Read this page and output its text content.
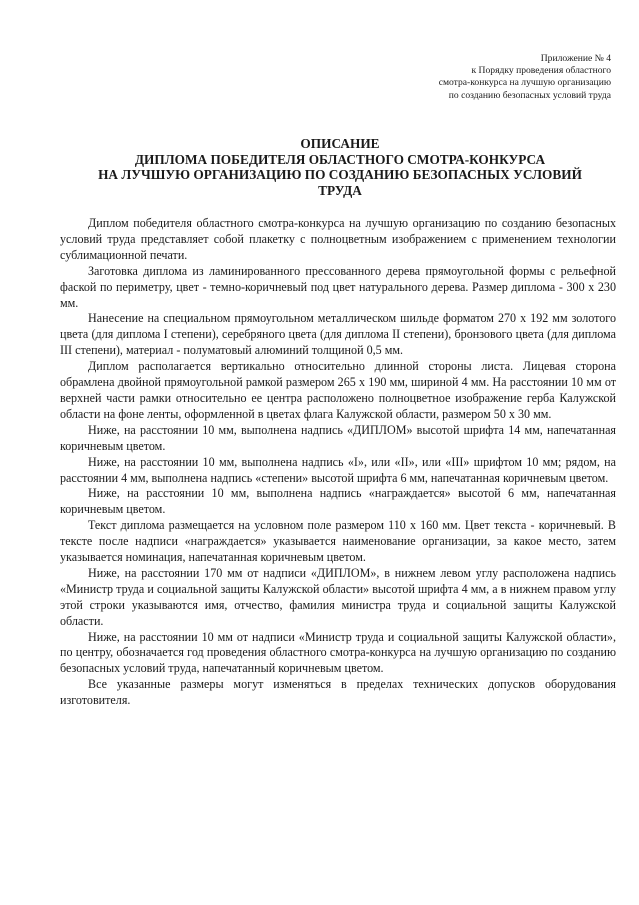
Приложение № 4
к Порядку проведения областного
смотра-конкурса на лучшую организацию
по созданию безопасных условий труда
ОПИСАНИЕ
ДИПЛОМА ПОБЕДИТЕЛЯ ОБЛАСТНОГО СМОТРА-КОНКУРСА
НА ЛУЧШУЮ ОРГАНИЗАЦИЮ ПО СОЗДАНИЮ БЕЗОПАСНЫХ УСЛОВИЙ
ТРУДА

Диплом победителя областного смотра-конкурса на лучшую организацию по созданию безопасных условий труда представляет собой плакетку с полноцветным изображением с применением технологии сублимационной печати.

Заготовка диплома из ламинированного прессованного дерева прямоугольной формы с рельефной фаской по периметру, цвет - темно-коричневый под цвет натурального дерева. Размер диплома - 300 х 230 мм.

Нанесение на специальном прямоугольном металлическом шильде форматом 270 х 192 мм золотого цвета (для диплома I степени), серебряного цвета (для диплома II степени), бронзового цвета (для диплома III степени), материал - полуматовый алюминий толщиной 0,5 мм.

Диплом располагается вертикально относительно длинной стороны листа. Лицевая сторона обрамлена двойной прямоугольной рамкой размером 265 х 190 мм, шириной 4 мм. На расстоянии 10 мм от верхней части рамки относительно ее центра расположено полноцветное изображение герба Калужской области на фоне ленты, оформленной в цветах флага Калужской области, размером 50 х 30 мм.

Ниже, на расстоянии 10 мм, выполнена надпись «ДИПЛОМ» высотой шрифта 14 мм, напечатанная коричневым цветом.

Ниже, на расстоянии 10 мм, выполнена надпись «I», или «II», или «III» шрифтом 10 мм; рядом, на расстоянии 4 мм, выполнена надпись «степени» высотой шрифта 6 мм, напечатанная коричневым цветом.

Ниже, на расстоянии 10 мм, выполнена надпись «награждается» высотой 6 мм, напечатанная коричневым цветом.

Текст диплома размещается на условном поле размером 110 х 160 мм. Цвет текста - коричневый. В тексте после надписи «награждается» указывается наименование организации, за какое место, затем указывается номинация, напечатанная коричневым цветом.

Ниже, на расстоянии 170 мм от надписи «ДИПЛОМ», в нижнем левом углу расположена надпись «Министр труда и социальной защиты Калужской области» высотой шрифта 4 мм, а в нижнем правом углу этой строки указываются имя, отчество, фамилия министра труда и социальной защиты Калужской области.

Ниже, на расстоянии 10 мм от надписи «Министр труда и социальной защиты Калужской области», по центру, обозначается год проведения областного смотра-конкурса на лучшую организацию по созданию безопасных условий труда, напечатанный коричневым цветом.

Все указанные размеры могут изменяться в пределах технических допусков оборудования изготовителя.
